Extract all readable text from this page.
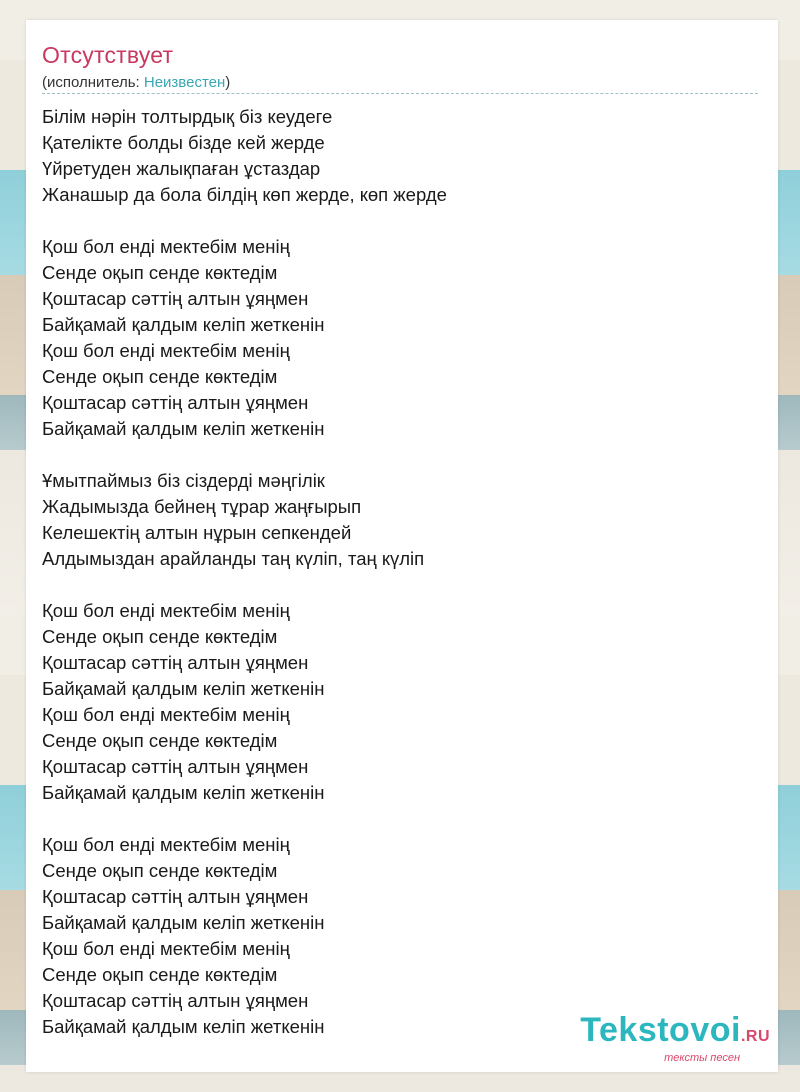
Отсутствует
(исполнитель: Неизвестен)
Білім нәрін толтырдық біз кеудеге
Қателікте болды бізде кей жерде
Үйретуден жалықпаған ұстаздар
Жанашыр да бола білдің көп жерде, көп жерде
Қош бол енді мектебім менің
Сенде оқып сенде көктедім
Қоштасар сәттің алтын ұяңмен
Байқамай қалдым келіп жеткенін
Қош бол енді мектебім менің
Сенде оқып сенде көктедім
Қоштасар сәттің алтын ұяңмен
Байқамай қалдым келіп жеткенін
Ұмытпаймыз біз сіздерді мәңгілік
Жадымызда бейнең тұрар жаңғырып
Келешектің алтын нұрын сепкендей
Алдымыздан арайланды таң күліп, таң күліп
Қош бол енді мектебім менің
Сенде оқып сенде көктедім
Қоштасар сәттің алтын ұяңмен
Байқамай қалдым келіп жеткенін
Қош бол енді мектебім менің
Сенде оқып сенде көктедім
Қоштасар сәттің алтын ұяңмен
Байқамай қалдым келіп жеткенін
Қош бол енді мектебім менің
Сенде оқып сенде көктедім
Қоштасар сәттің алтын ұяңмен
Байқамай қалдым келіп жеткенін
Қош бол енді мектебім менің
Сенде оқып сенде көктедім
Қоштасар сәттің алтын ұяңмен
Байқамай қалдым келіп жеткенін	Tekstovoi.RU
тексты песен
